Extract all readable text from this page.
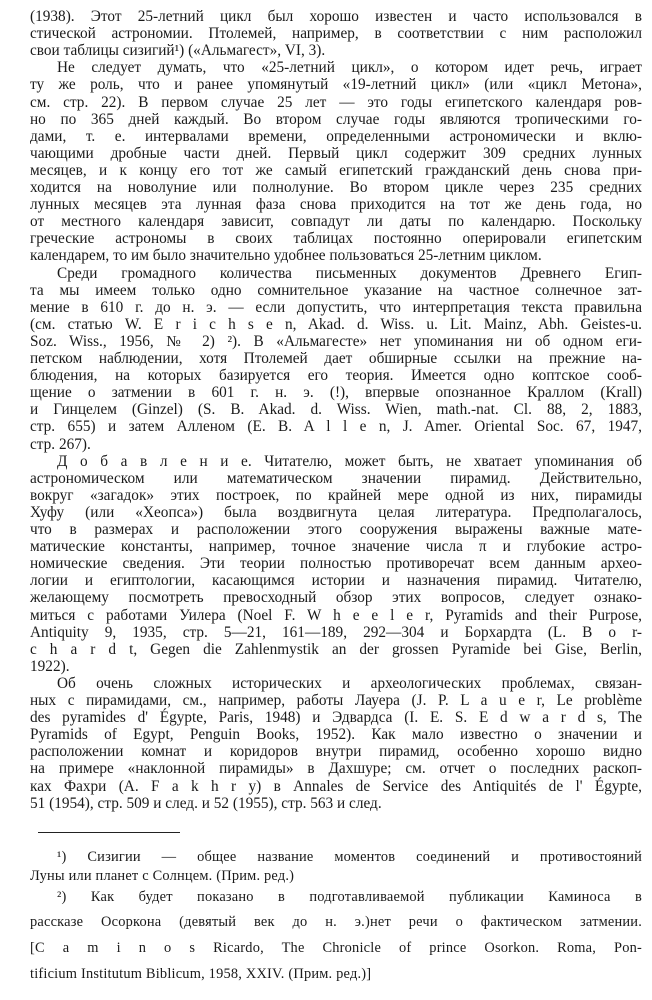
(1938). Этот 25-летний цикл был хорошо известен и часто использовался в
стической астрономии. Птолемей, например, в соответствии с ним расположил
свои таблицы сизигий¹) («Альмагест», VI, 3).
Не следует думать, что «25-летний цикл», о котором идет речь, играет
ту же роль, что и ранее упомянутый «19-летний цикл» (или «цикл Метона»,
см. стр. 22). В первом случае 25 лет — это годы египетского календаря ров-
но по 365 дней каждый. Во втором случае годы являются тропическими го-
дами, т. е. интервалами времени, определенными астрономически и вклю-
чающими дробные части дней. Первый цикл содержит 309 средних лунных
месяцев, и к концу его тот же самый египетский гражданский день снова при-
ходится на новолуние или полнолуние. Во втором цикле через 235 средних
лунных месяцев эта лунная фаза снова приходится на тот же день года, но
от местного календаря зависит, совпадут ли даты по календарю. Поскольку
греческие астрономы в своих таблицах постоянно оперировали египетским
календарем, то им было значительно удобнее пользоваться 25-летним циклом.
Среди громадного количества письменных документов Древнего Егип-
та мы имеем только одно сомнительное указание на частное солнечное зат-
мение в 610 г. до н. э. — если допустить, что интерпретация текста правильна
(см. статью W. E r i c h s e n, Akad. d. Wiss. u. Lit. Mainz, Abh. Geistes-u.
Soz. Wiss., 1956, № 2) ²). В «Альмагесте» нет упоминания ни об одном еги-
петском наблюдении, хотя Птолемей дает обширные ссылки на прежние на-
блюдения, на которых базируется его теория. Имеется одно коптское сооб-
щение о затмении в 601 г. н. э. (!), впервые опознанное Краллом (Krall)
и Гинцелем (Ginzel) (S. B. Akad. d. Wiss. Wien, math.-nat. Cl. 88, 2, 1883,
стр. 655) и затем Алленом (E. B. A l l e n, J. Amer. Oriental Soc. 67, 1947,
стр. 267).
Д о б а в л е н и е. Читателю, может быть, не хватает упоминания об
астрономическом или математическом значении пирамид. Действительно,
вокруг «загадок» этих построек, по крайней мере одной из них, пирамиды
Хуфу (или «Хеопса») была воздвигнута целая литература. Предполагалось,
что в размерах и расположении этого сооружения выражены важные мате-
матические константы, например, точное значение числа π и глубокие астро-
номические сведения. Эти теории полностью противоречат всем данным архео-
логии и египтологии, касающимся истории и назначения пирамид. Читателю,
желающему посмотреть превосходный обзор этих вопросов, следует ознако-
миться с работами Уилера (Noel F. W h e e l e r, Pyramids and their Purpose,
Antiquity 9, 1935, стр. 5—21, 161—189, 292—304 и Борхардта (L. B o r-
c h a r d t, Gegen die Zahlenmystik an der grossen Pyramide bei Gise, Berlin,
1922).
Об очень сложных исторических и археологических проблемах, связан-
ных с пирамидами, см., например, работы Лауера (J. P. L a u e r, Le problème
des pyramides d' Égypte, Paris, 1948) и Эдвардса (I. E. S. E d w a r d s, The
Pyramids of Egypt, Penguin Books, 1952). Как мало известно о значении и
расположении комнат и коридоров внутри пирамид, особенно хорошо видно
на примере «наклонной пирамиды» в Дахшуре; см. отчет о последних раскоп-
ках Фахри (A. F a k h r y) в Annales de Service des Antiquités de l' Égypte,
51 (1954), стр. 509 и след. и 52 (1955), стр. 563 и след.
¹) Сизигии — общее название моментов соединений и противостояний
Луны или планет с Солнцем. (Прим. ред.)
²) Как будет показано в подготавливаемой публикации Каминоса в
рассказе Осоркона (девятый век до н. э.)нет речи о фактическом затмении.
[C a m i n o s Ricardo, The Chronicle of prince Osorkon. Roma, Pon-
tificium Institutum Biblicum, 1958, XXIV. (Прим. ред.)]
